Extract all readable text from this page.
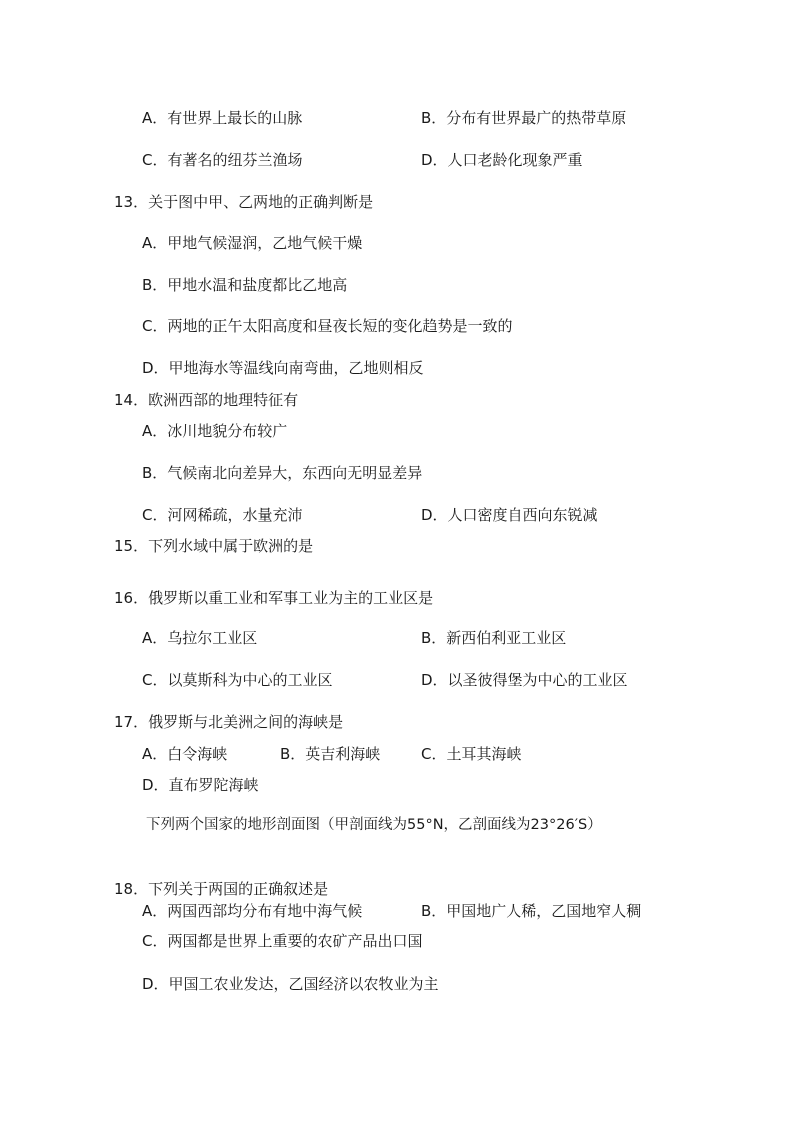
A．有世界上最长的山脉	B．分布有世界最广的热带草原
C．有著名的纽芬兰渔场	D．人口老龄化现象严重
13．关于图中甲、乙两地的正确判断是
A．甲地气候湿润，乙地气候干燥
B．甲地水温和盐度都比乙地高
C．两地的正午太阳高度和昼夜长短的变化趋势是一致的
D．甲地海水等温线向南弯曲，乙地则相反
14．欧洲西部的地理特征有
A．冰川地貌分布较广
B．气候南北向差异大，东西向无明显差异
C．河网稀疏，水量充沛	D．人口密度自西向东锐减
15．下列水域中属于欧洲的是
16．俄罗斯以重工业和军事工业为主的工业区是
A．乌拉尔工业区	B．新西伯利亚工业区
C．以莫斯科为中心的工业区	D．以圣彼得堡为中心的工业区
17．俄罗斯与北美洲之间的海峡是
A．白令海峡	B．英吉利海峡	C．土耳其海峡
D．直布罗陀海峡
下列两个国家的地形剖面图（甲剖面线为55°N，乙剖面线为23°26′S）
18．下列关于两国的正确叙述是
A．两国西部均分布有地中海气候	B．甲国地广人稀，乙国地窄人稠
C．两国都是世界上重要的农矿产品出口国
D．甲国工农业发达，乙国经济以农牧业为主
